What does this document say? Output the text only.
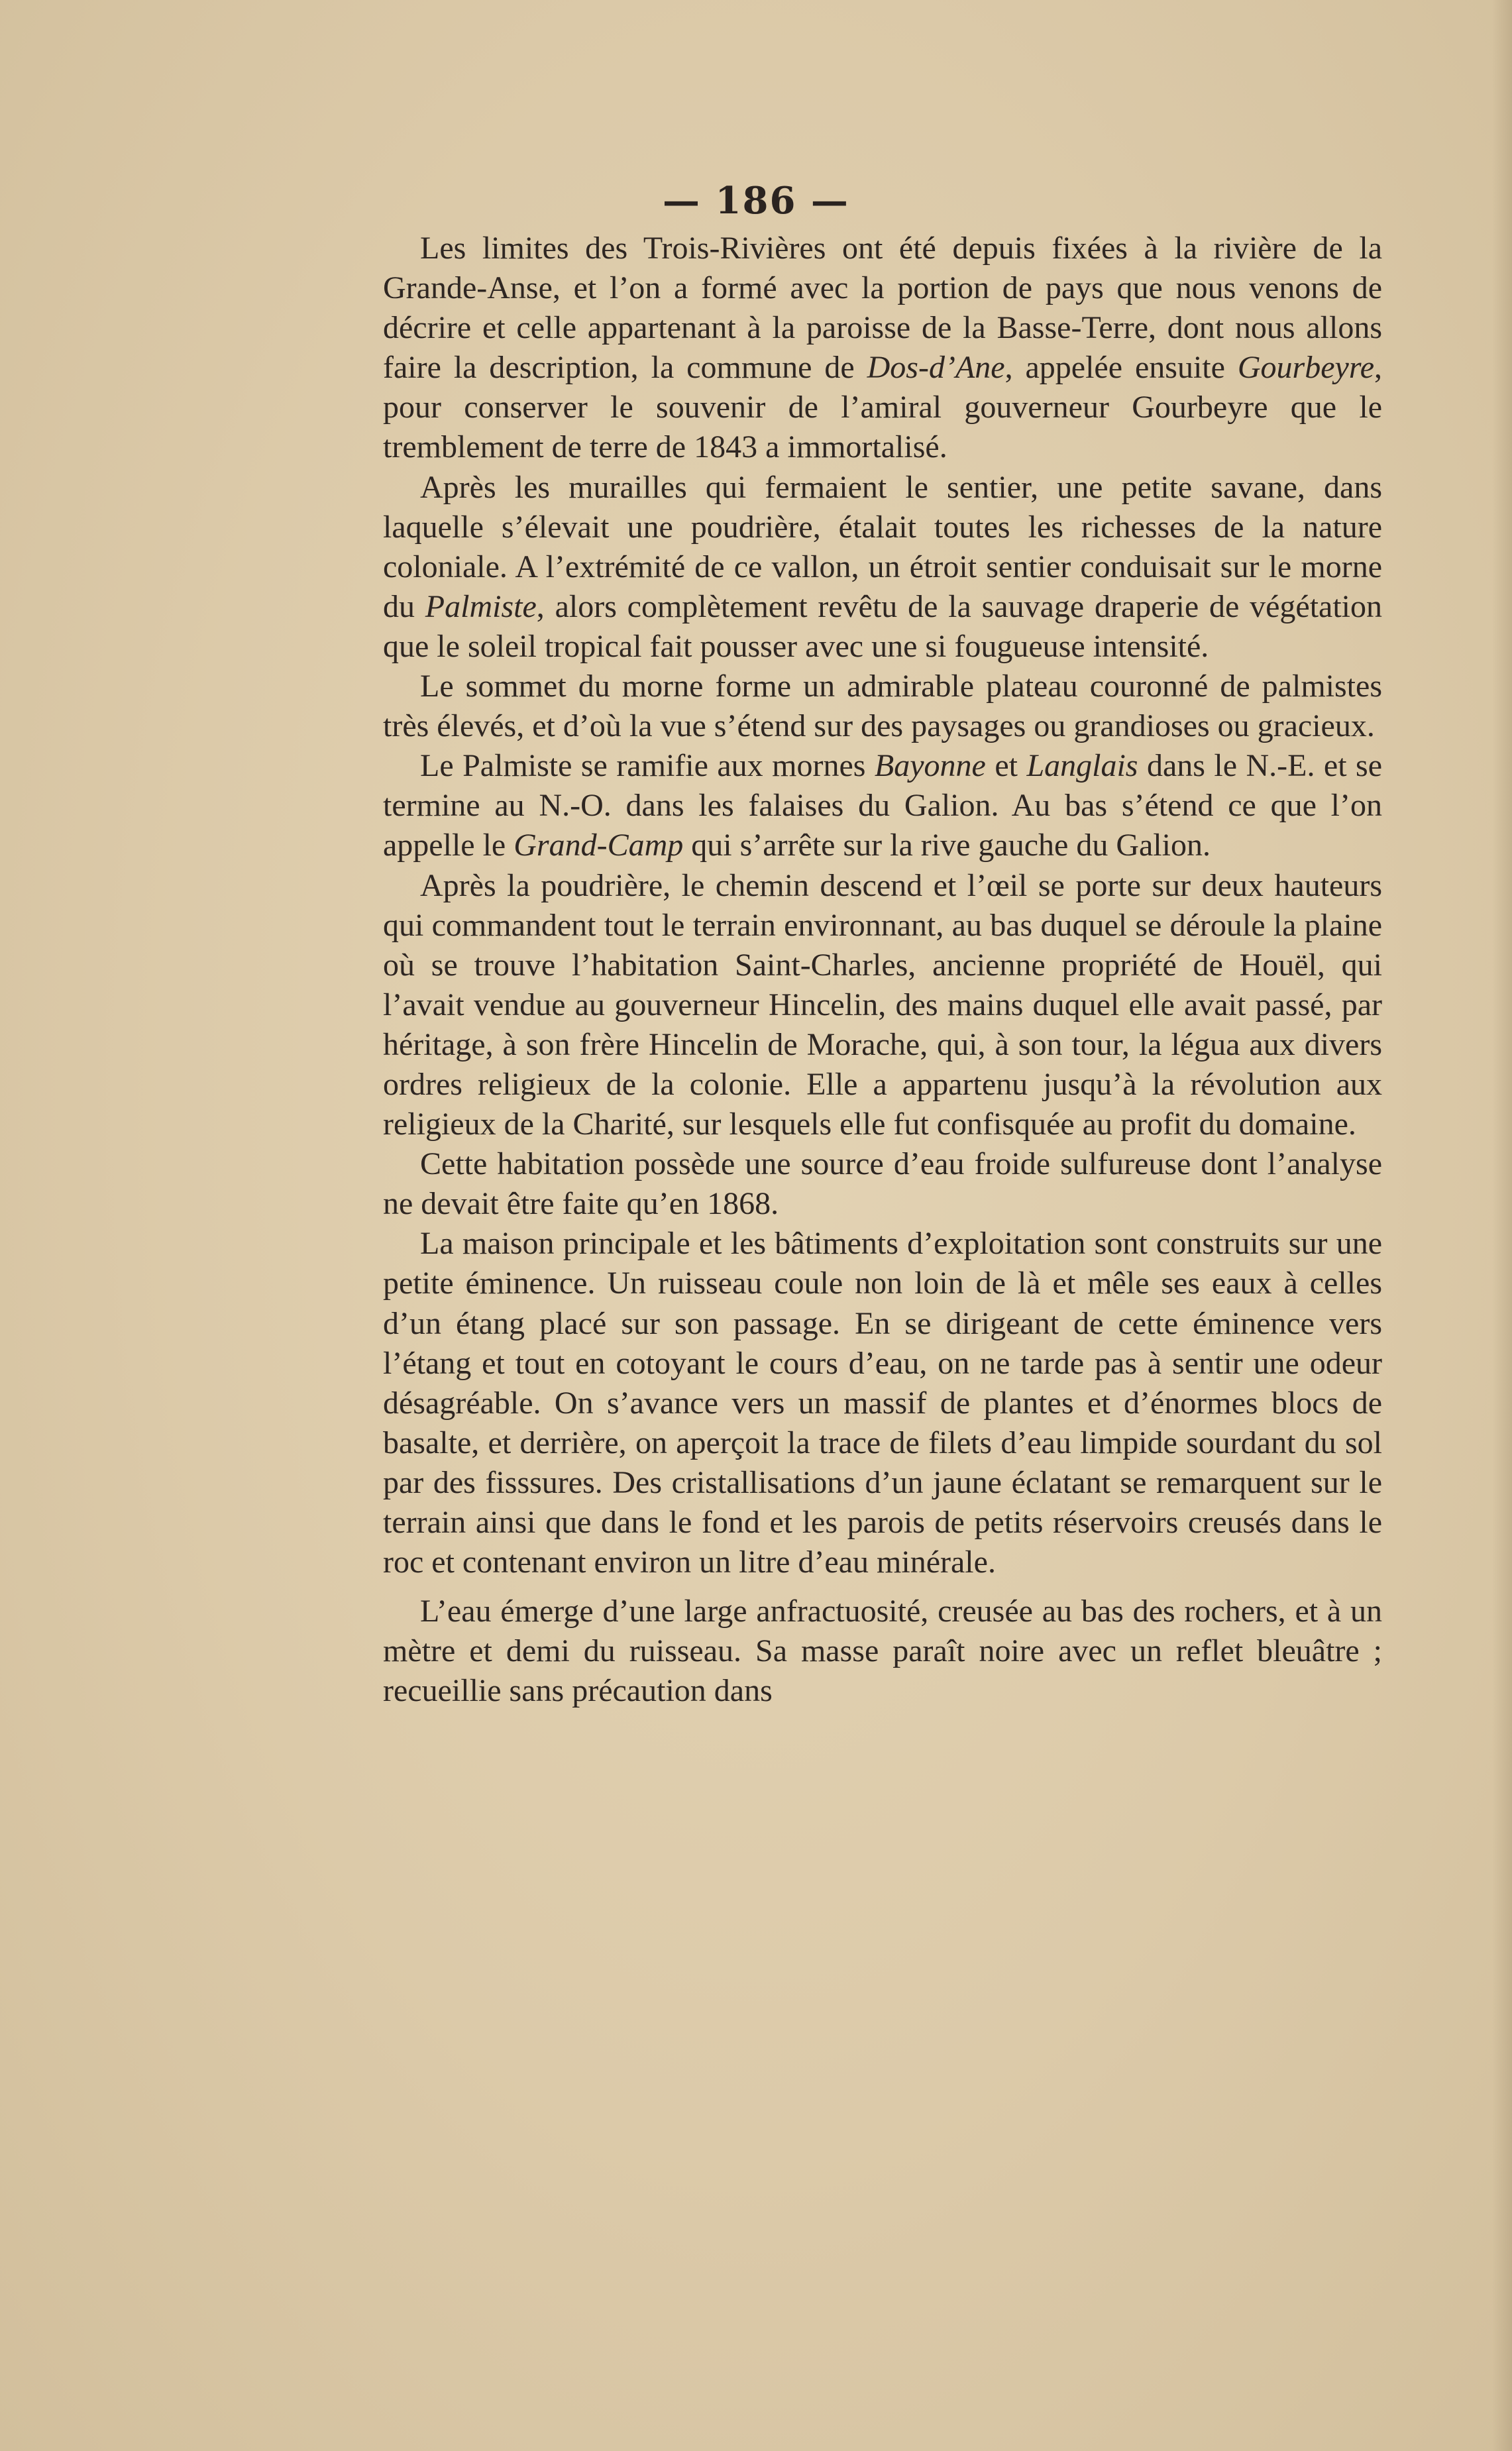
— 186 —

Les limites des Trois-Rivières ont été depuis fixées à la rivière de la Grande-Anse, et l’on a formé avec la portion de pays que nous venons de décrire et celle appartenant à la paroisse de la Basse-Terre, dont nous allons faire la description, la commune de Dos-d’Ane, appelée ensuite Gourbeyre, pour conserver le souvenir de l’amiral gouverneur Gourbeyre que le tremblement de terre de 1843 a immortalisé.

Après les murailles qui fermaient le sentier, une petite savane, dans laquelle s’élevait une poudrière, étalait toutes les richesses de la nature coloniale. A l’extrémité de ce vallon, un étroit sentier conduisait sur le morne du Palmiste, alors complètement revêtu de la sauvage draperie de végétation que le soleil tropical fait pousser avec une si fougueuse intensité.

Le sommet du morne forme un admirable plateau couronné de palmistes très élevés, et d’où la vue s’étend sur des paysages ou grandioses ou gracieux.

Le Palmiste se ramifie aux mornes Bayonne et Langlais dans le N.-E. et se termine au N.-O. dans les falaises du Galion. Au bas s’étend ce que l’on appelle le Grand-Camp qui s’arrête sur la rive gauche du Galion.

Après la poudrière, le chemin descend et l’œil se porte sur deux hauteurs qui commandent tout le terrain environnant, au bas duquel se déroule la plaine où se trouve l’habitation Saint-Charles, ancienne propriété de Houël, qui l’avait vendue au gouverneur Hincelin, des mains duquel elle avait passé, par héritage, à son frère Hincelin de Morache, qui, à son tour, la légua aux divers ordres religieux de la colonie. Elle a appartenu jusqu’à la révolution aux religieux de la Charité, sur lesquels elle fut confisquée au profit du domaine.

Cette habitation possède une source d’eau froide sulfureuse dont l’analyse ne devait être faite qu’en 1868.

La maison principale et les bâtiments d’exploitation sont construits sur une petite éminence. Un ruisseau coule non loin de là et mêle ses eaux à celles d’un étang placé sur son passage. En se dirigeant de cette éminence vers l’étang et tout en cotoyant le cours d’eau, on ne tarde pas à sentir une odeur désagréable. On s’avance vers un massif de plantes et d’énormes blocs de basalte, et derrière, on aperçoit la trace de filets d’eau limpide sourdant du sol par des fisssures. Des cristallisations d’un jaune éclatant se remarquent sur le terrain ainsi que dans le fond et les parois de petits réservoirs creusés dans le roc et contenant environ un litre d’eau minérale.

L’eau émerge d’une large anfractuosité, creusée au bas des rochers, et à un mètre et demi du ruisseau. Sa masse paraît noire avec un reflet bleuâtre ; recueillie sans précaution dans
